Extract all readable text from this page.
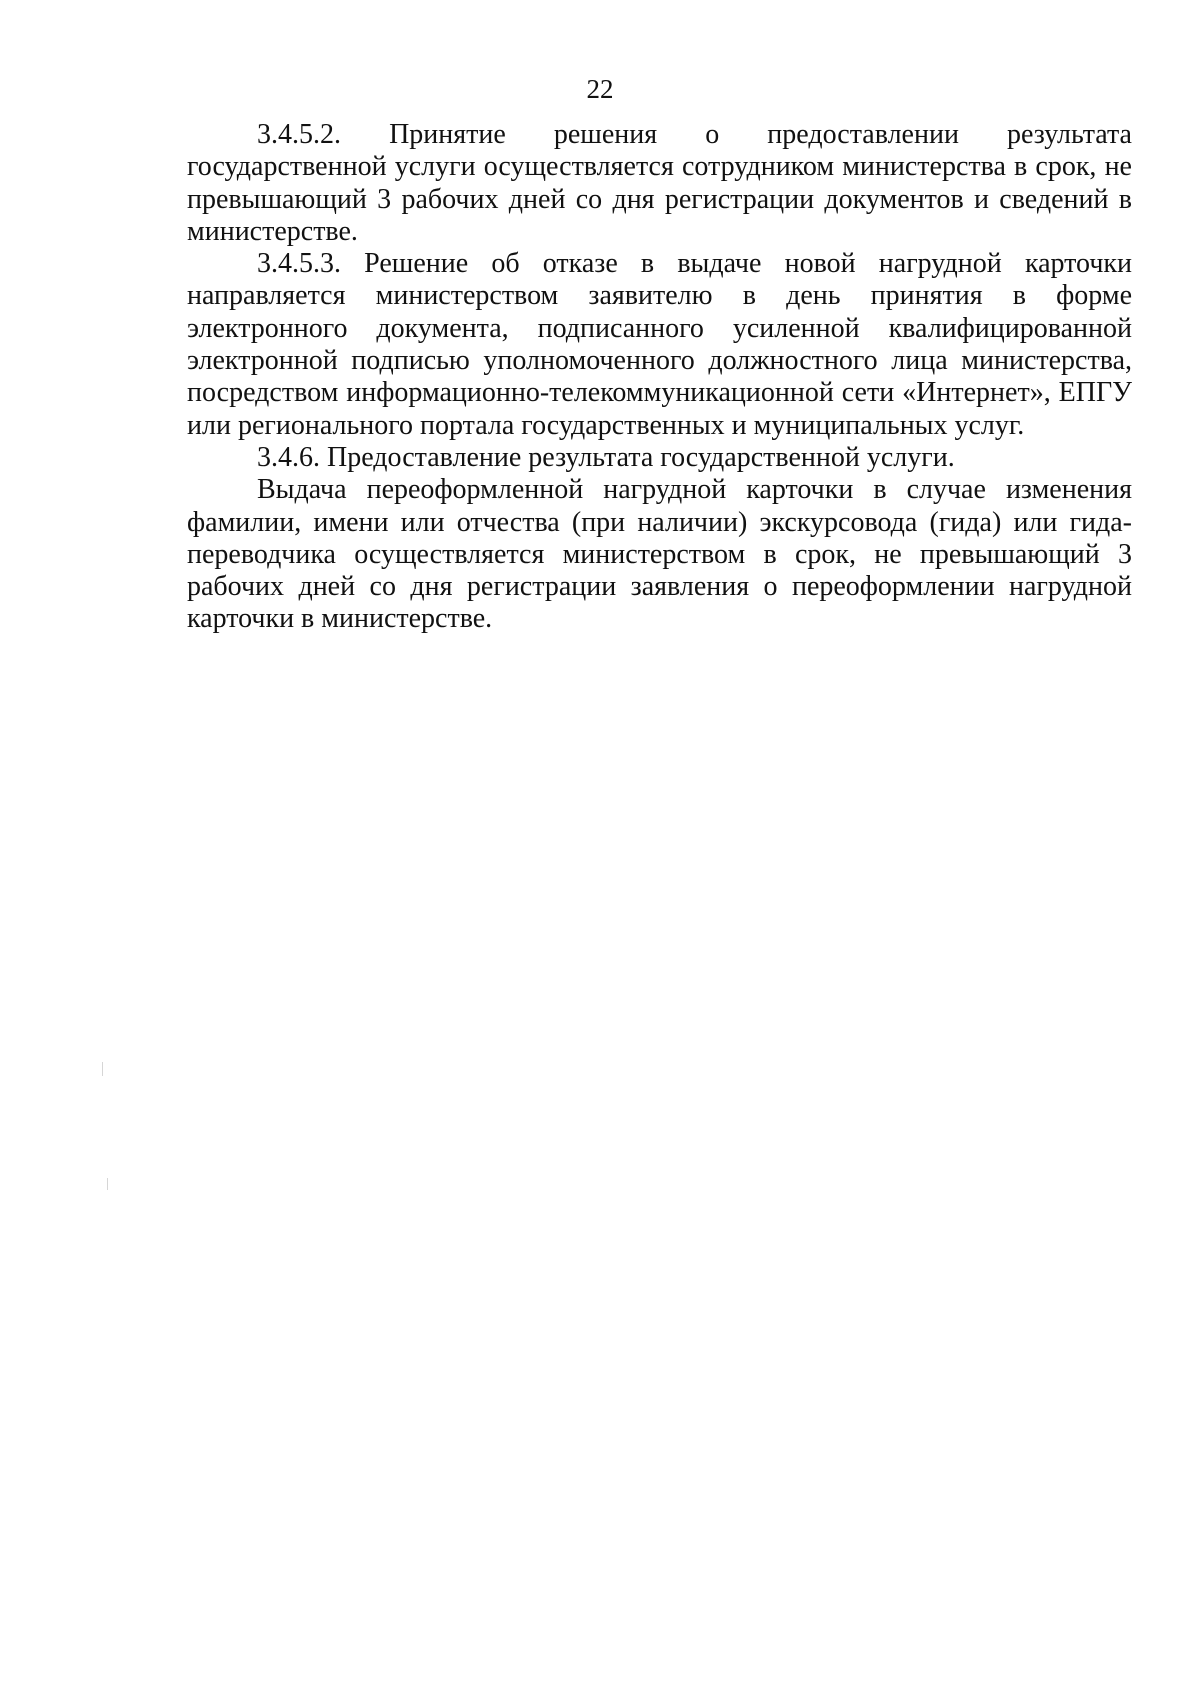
22

3.4.5.2. Принятие решения о предоставлении результата государственной услуги осуществляется сотрудником министерства в срок, не превышающий 3 рабочих дней со дня регистрации документов и сведений в министерстве.

3.4.5.3. Решение об отказе в выдаче новой нагрудной карточки направляется министерством заявителю в день принятия в форме электронного документа, подписанного усиленной квалифицированной электронной подписью уполномоченного должностного лица министерства, посредством информационно-телекоммуникационной сети «Интернет», ЕПГУ или регионального портала государственных и муниципальных услуг.

3.4.6. Предоставление результата государственной услуги.

Выдача переоформленной нагрудной карточки в случае изменения фамилии, имени или отчества (при наличии) экскурсовода (гида) или гида-переводчика осуществляется министерством в срок, не превышающий 3 рабочих дней со дня регистрации заявления о переоформлении нагрудной карточки в министерстве.
